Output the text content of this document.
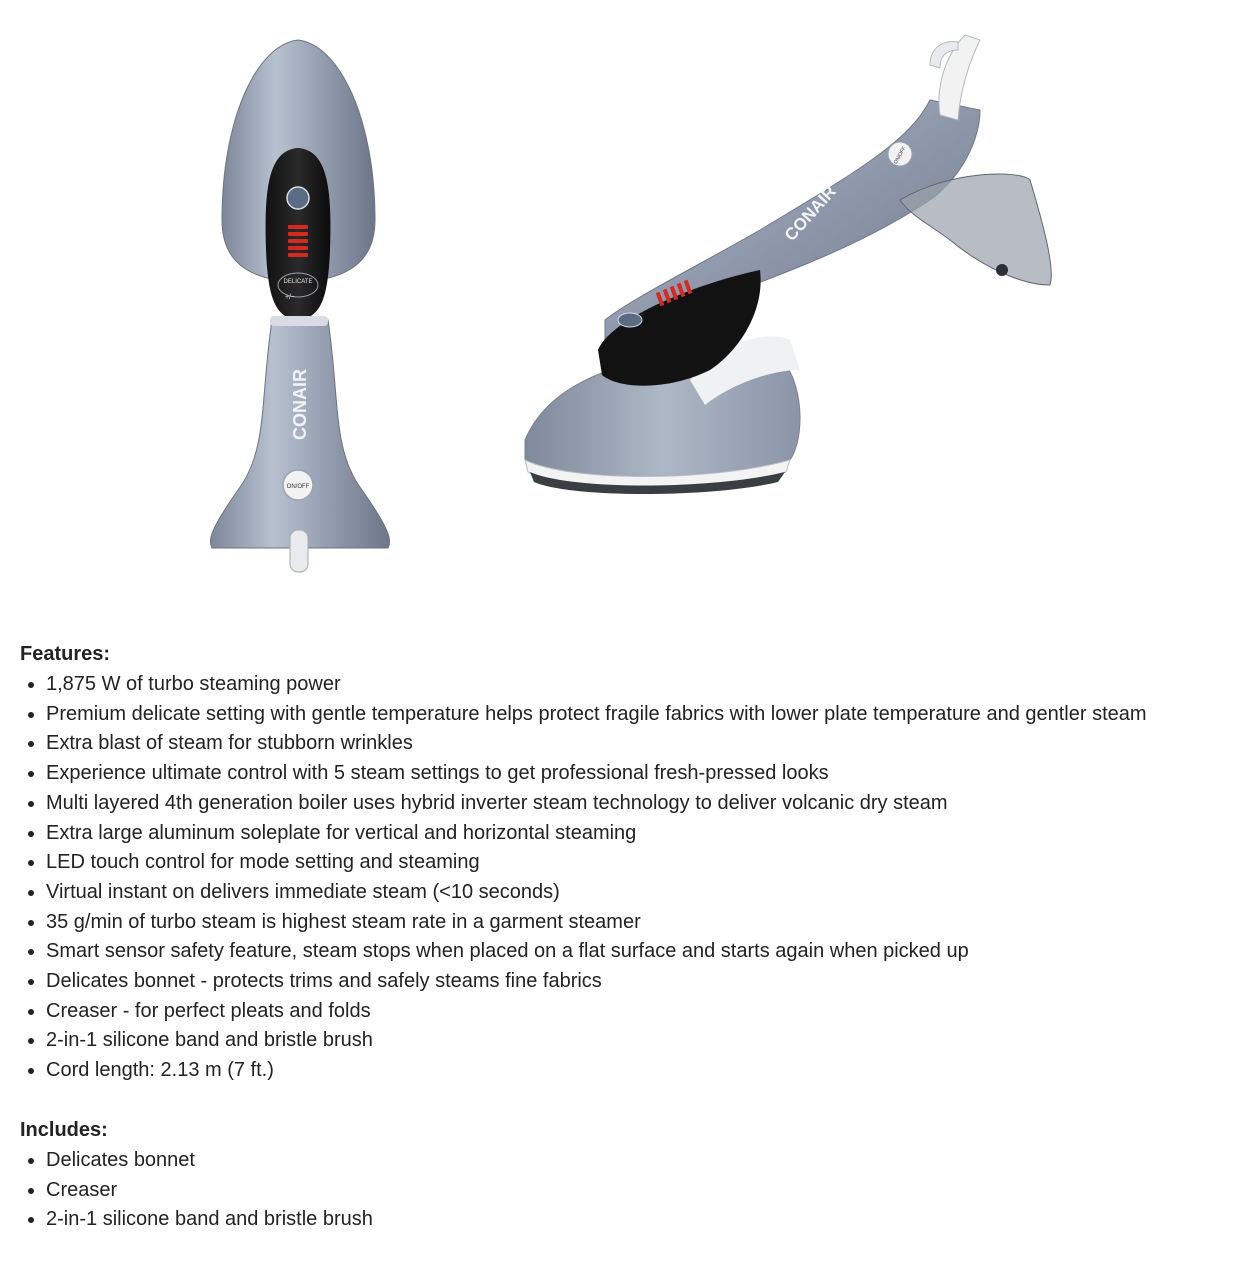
DELICATE
+/−
CONAIR
ON/OFF
CONAIR
ON/OFF
Features:
• 1,875 W of turbo steaming power
• Premium delicate setting with gentle temperature helps protect fragile fabrics with lower plate temperature and gentler steam
• Extra blast of steam for stubborn wrinkles
• Experience ultimate control with 5 steam settings to get professional fresh-pressed looks
• Multi layered 4th generation boiler uses hybrid inverter steam technology to deliver volcanic dry steam
• Extra large aluminum soleplate for vertical and horizontal steaming
• LED touch control for mode setting and steaming
• Virtual instant on delivers immediate steam (<10 seconds)
• 35 g/min of turbo steam is highest steam rate in a garment steamer
• Smart sensor safety feature, steam stops when placed on a flat surface and starts again when picked up
• Delicates bonnet - protects trims and safely steams fine fabrics
• Creaser - for perfect pleats and folds
• 2-in-1 silicone band and bristle brush
• Cord length: 2.13 m (7 ft.)
Includes:
• Delicates bonnet
• Creaser
• 2-in-1 silicone band and bristle brush
